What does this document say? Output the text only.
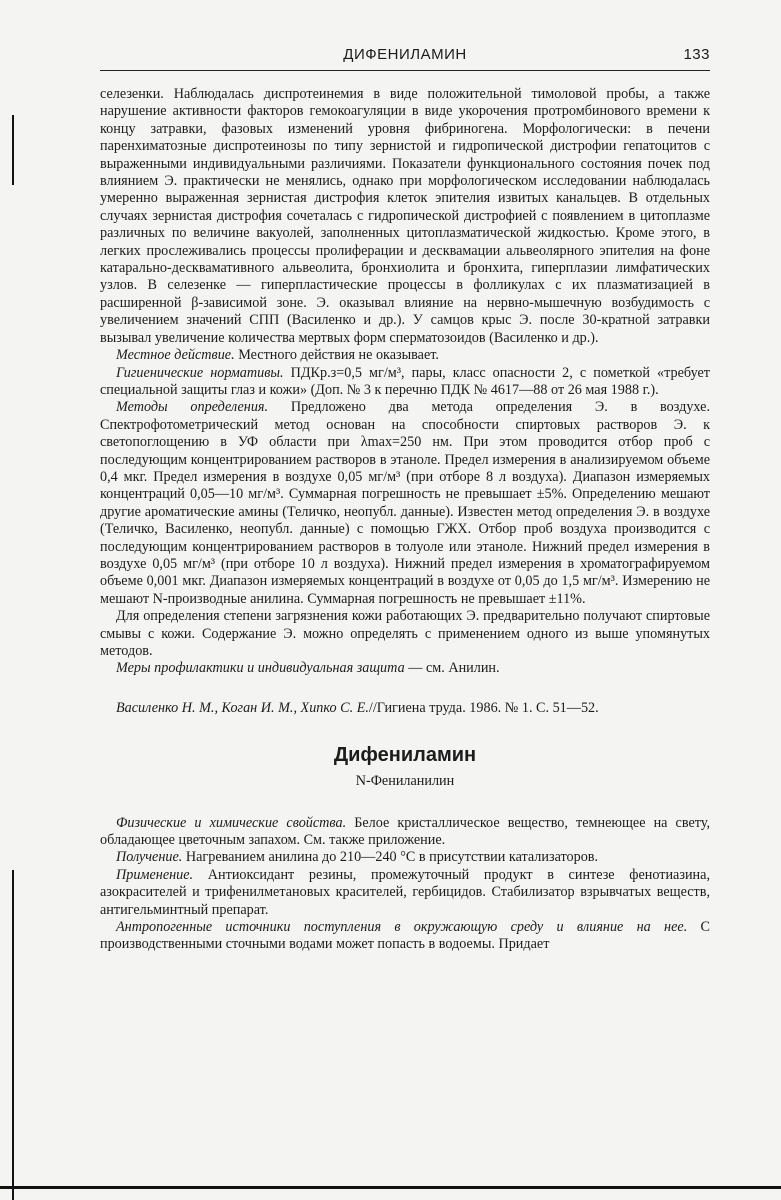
ДИФЕНИЛАМИН	133

селезенки. Наблюдалась диспротеинемия в виде положительной тимоловой пробы, а также нарушение активности факторов гемокоагуляции в виде укорочения протромбинового времени к концу затравки, фазовых изменений уровня фибриногена. Морфологически: в печени паренхиматозные диспротеинозы по типу зернистой и гидропической дистрофии гепатоцитов с выраженными индивидуальными различиями. Показатели функционального состояния почек под влиянием Э. практически не менялись, однако при морфологическом исследовании наблюдалась умеренно выраженная зернистая дистрофия клеток эпителия извитых канальцев. В отдельных случаях зернистая дистрофия сочеталась с гидропической дистрофией с появлением в цитоплазме различных по величине вакуолей, заполненных цитоплазматической жидкостью. Кроме этого, в легких прослеживались процессы пролиферации и десквамации альвеолярного эпителия на фоне катарально-десквамативного альвеолита, бронхиолита и бронхита, гиперплазии лимфатических узлов. В селезенке — гиперпластические процессы в фолликулах с их плазматизацией в расширенной β-зависимой зоне. Э. оказывал влияние на нервно-мышечную возбудимость с увеличением значений СПП (Василенко и др.). У самцов крыс Э. после 30-кратной затравки вызывал увеличение количества мертвых форм сперматозоидов (Василенко и др.).

Местное действие. Местного действия не оказывает.

Гигиенические нормативы. ПДКр.з=0,5 мг/м³, пары, класс опасности 2, с пометкой «требует специальной защиты глаз и кожи» (Доп. № 3 к перечню ПДК № 4617—88 от 26 мая 1988 г.).

Методы определения. Предложено два метода определения Э. в воздухе. Спектрофотометрический метод основан на способности спиртовых растворов Э. к светопоглощению в УФ области при λmax=250 нм. При этом проводится отбор проб с последующим концентрированием растворов в этаноле. Предел измерения в анализируемом объеме 0,4 мкг. Предел измерения в воздухе 0,05 мг/м³ (при отборе 8 л воздуха). Диапазон измеряемых концентраций 0,05—10 мг/м³. Суммарная погрешность не превышает ±5%. Определению мешают другие ароматические амины (Теличко, неопубл. данные). Известен метод определения Э. в воздухе (Теличко, Василенко, неопубл. данные) с помощью ГЖХ. Отбор проб воздуха производится с последующим концентрированием растворов в толуоле или этаноле. Нижний предел измерения в воздухе 0,05 мг/м³ (при отборе 10 л воздуха). Нижний предел измерения в хроматографируемом объеме 0,001 мкг. Диапазон измеряемых концентраций в воздухе от 0,05 до 1,5 мг/м³. Измерению не мешают N-производные анилина. Суммарная погрешность не превышает ±11%.

Для определения степени загрязнения кожи работающих Э. предварительно получают спиртовые смывы с кожи. Содержание Э. можно определять с применением одного из выше упомянутых методов.

Меры профилактики и индивидуальная защита — см. Анилин.

Василенко Н. М., Коган И. М., Хипко С. Е.//Гигиена труда. 1986. № 1. С. 51—52.

Дифениламин
N-Фениланилин

Физические и химические свойства. Белое кристаллическое вещество, темнеющее на свету, обладающее цветочным запахом. См. также приложение.

Получение. Нагреванием анилина до 210—240 °С в присутствии катализаторов.

Применение. Антиоксидант резины, промежуточный продукт в синтезе фенотиазина, азокрасителей и трифенилметановых красителей, гербицидов. Стабилизатор взрывчатых веществ, антигельминтный препарат.

Антропогенные источники поступления в окружающую среду и влияние на нее. С производственными сточными водами может попасть в водоемы. Придает
